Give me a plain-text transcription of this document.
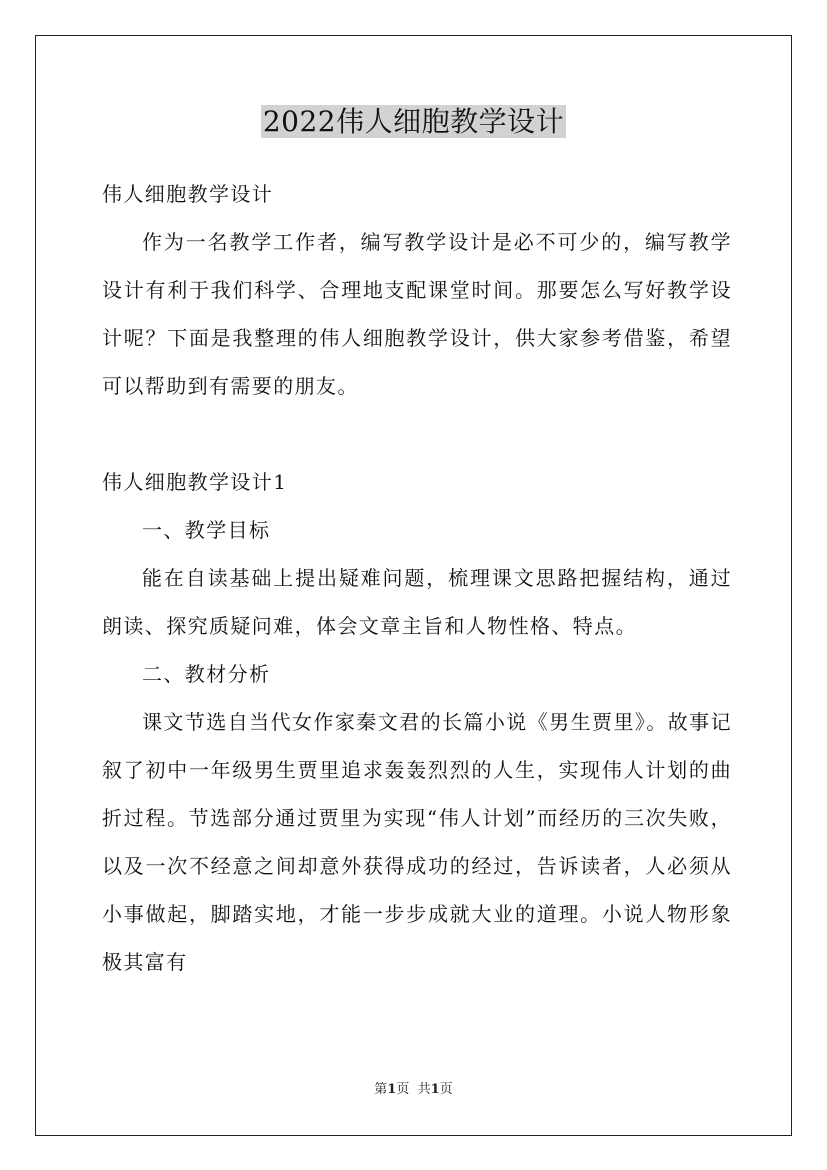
2022伟人细胞教学设计

伟人细胞教学设计

作为一名教学工作者，编写教学设计是必不可少的，编写教学设计有利于我们科学、合理地支配课堂时间。那要怎么写好教学设计呢？下面是我整理的伟人细胞教学设计，供大家参考借鉴，希望可以帮助到有需要的朋友。

伟人细胞教学设计1

一、教学目标

能在自读基础上提出疑难问题，梳理课文思路把握结构，通过朗读、探究质疑问难，体会文章主旨和人物性格、特点。

二、教材分析

课文节选自当代女作家秦文君的长篇小说《男生贾里》。故事记叙了初中一年级男生贾里追求轰轰烈烈的人生，实现伟人计划的曲折过程。节选部分通过贾里为实现“伟人计划”而经历的三次失败，以及一次不经意之间却意外获得成功的经过，告诉读者，人必须从小事做起，脚踏实地，才能一步步成就大业的道理。小说人物形象极其富有

第1页 共1页
